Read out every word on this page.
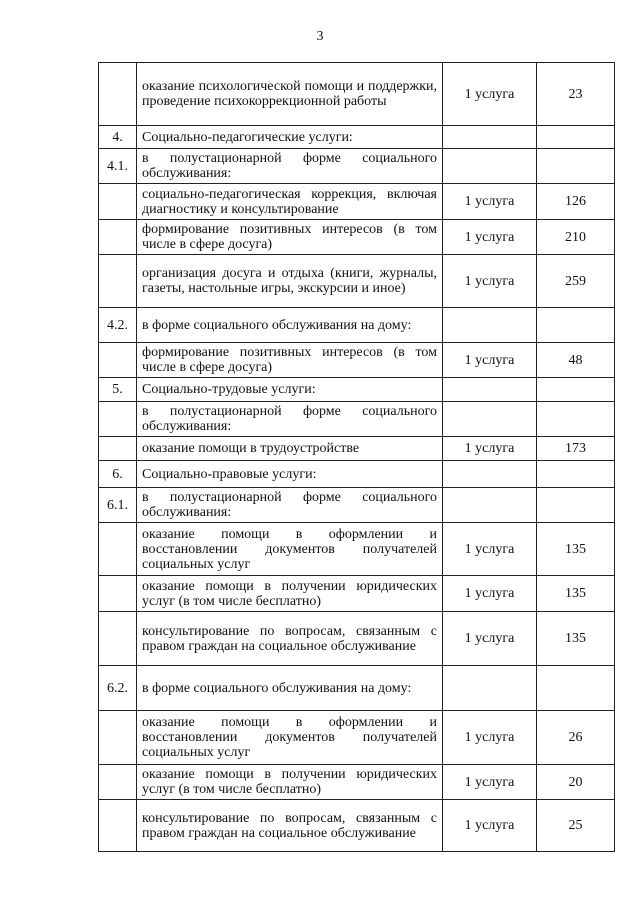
3
	оказание психологической помощи и поддержки, проведение психокоррекционной работы	1 услуга	23
4.	Социально-педагогические услуги:		
4.1.	в полустационарной форме социального обслуживания:		
	социально-педагогическая коррекция, включая диагностику и консультирование	1 услуга	126
	формирование позитивных интересов (в том числе в сфере досуга)	1 услуга	210
	организация досуга и отдыха (книги, журналы, газеты, настольные игры, экскурсии и иное)	1 услуга	259
4.2.	в форме социального обслуживания на дому:		
	формирование позитивных интересов (в том числе в сфере досуга)	1 услуга	48
5.	Социально-трудовые услуги:		
	в полустационарной форме социального обслуживания:		
	оказание помощи в трудоустройстве	1 услуга	173
6.	Социально-правовые услуги:		
6.1.	в полустационарной форме социального обслуживания:		
	оказание помощи в оформлении и восстановлении документов получателей социальных услуг	1 услуга	135
	оказание помощи в получении юридических услуг (в том числе бесплатно)	1 услуга	135
	консультирование по вопросам, связанным с правом граждан на социальное обслуживание	1 услуга	135
6.2.	в форме социального обслуживания на дому:		
	оказание помощи в оформлении и восстановлении документов получателей социальных услуг	1 услуга	26
	оказание помощи в получении юридических услуг (в том числе бесплатно)	1 услуга	20
	консультирование по вопросам, связанным с правом граждан на социальное обслуживание	1 услуга	25
